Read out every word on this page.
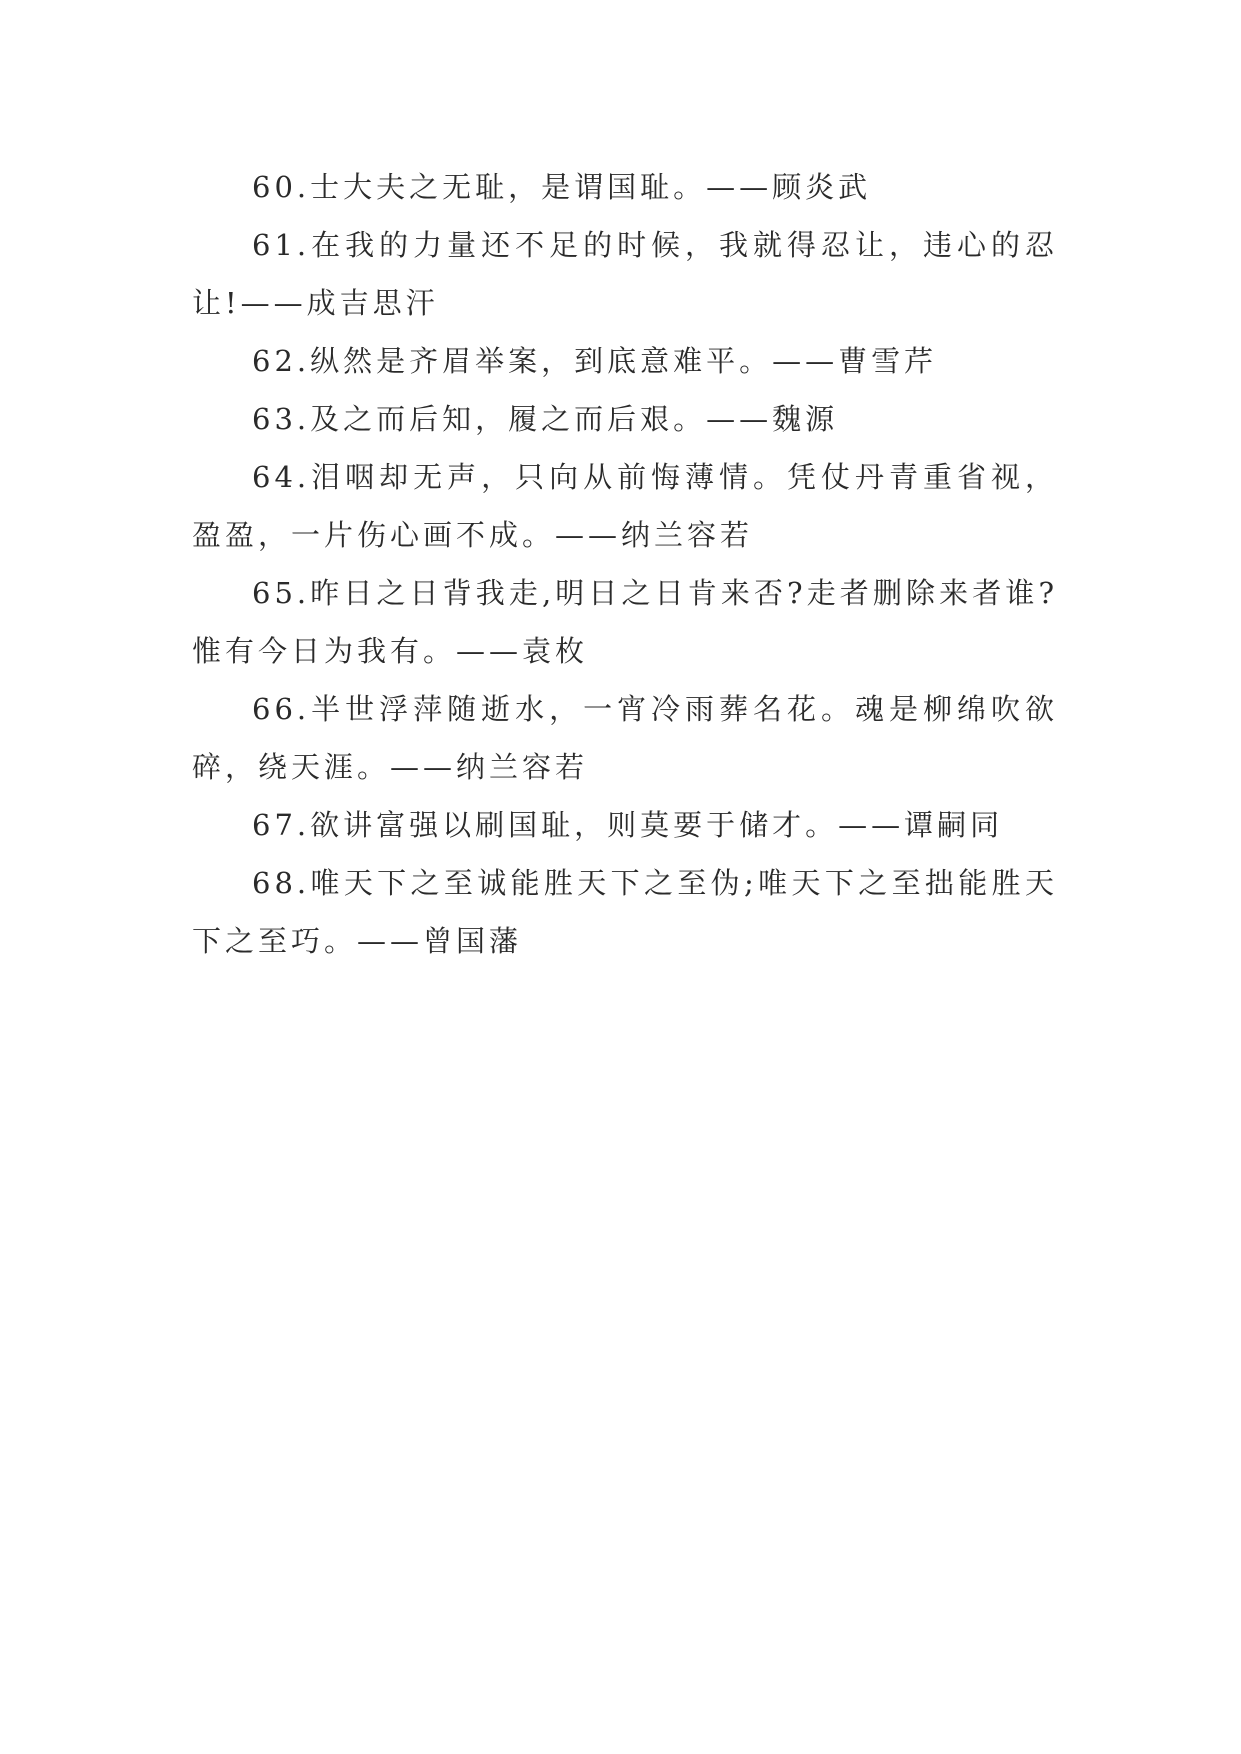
60.士大夫之无耻，是谓国耻。——顾炎武

61.在我的力量还不足的时候，我就得忍让，违心的忍让!——成吉思汗

62.纵然是齐眉举案，到底意难平。——曹雪芹

63.及之而后知，履之而后艰。——魏源

64.泪咽却无声，只向从前悔薄情。凭仗丹青重省视，盈盈，一片伤心画不成。——纳兰容若

65.昨日之日背我走,明日之日肯来否?走者删除来者谁?惟有今日为我有。——袁枚

66.半世浮萍随逝水，一宵冷雨葬名花。魂是柳绵吹欲碎，绕天涯。——纳兰容若

67.欲讲富强以刷国耻，则莫要于储才。——谭嗣同

68.唯天下之至诚能胜天下之至伪;唯天下之至拙能胜天下之至巧。——曾国藩
